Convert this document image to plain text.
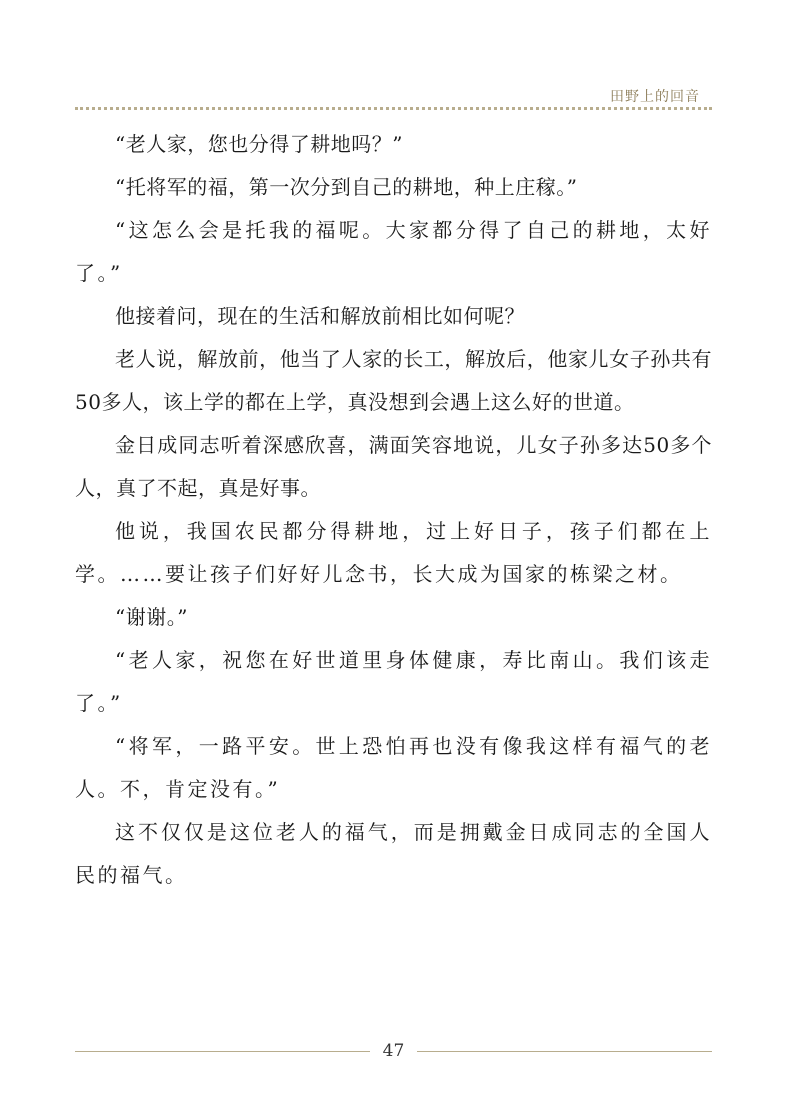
田野上的回音

“老人家，您也分得了耕地吗？”

“托将军的福，第一次分到自己的耕地，种上庄稼。”

“这怎么会是托我的福呢。大家都分得了自己的耕地，太好了。”

他接着问，现在的生活和解放前相比如何呢？

老人说，解放前，他当了人家的长工，解放后，他家儿女子孙共有50多人，该上学的都在上学，真没想到会遇上这么好的世道。

金日成同志听着深感欣喜，满面笑容地说，儿女子孙多达50多个人，真了不起，真是好事。

他说，我国农民都分得耕地，过上好日子，孩子们都在上学。……要让孩子们好好儿念书，长大成为国家的栋梁之材。

“谢谢。”

“老人家，祝您在好世道里身体健康，寿比南山。我们该走了。”

“将军，一路平安。世上恐怕再也没有像我这样有福气的老人。不，肯定没有。”

这不仅仅是这位老人的福气，而是拥戴金日成同志的全国人民的福气。

47
